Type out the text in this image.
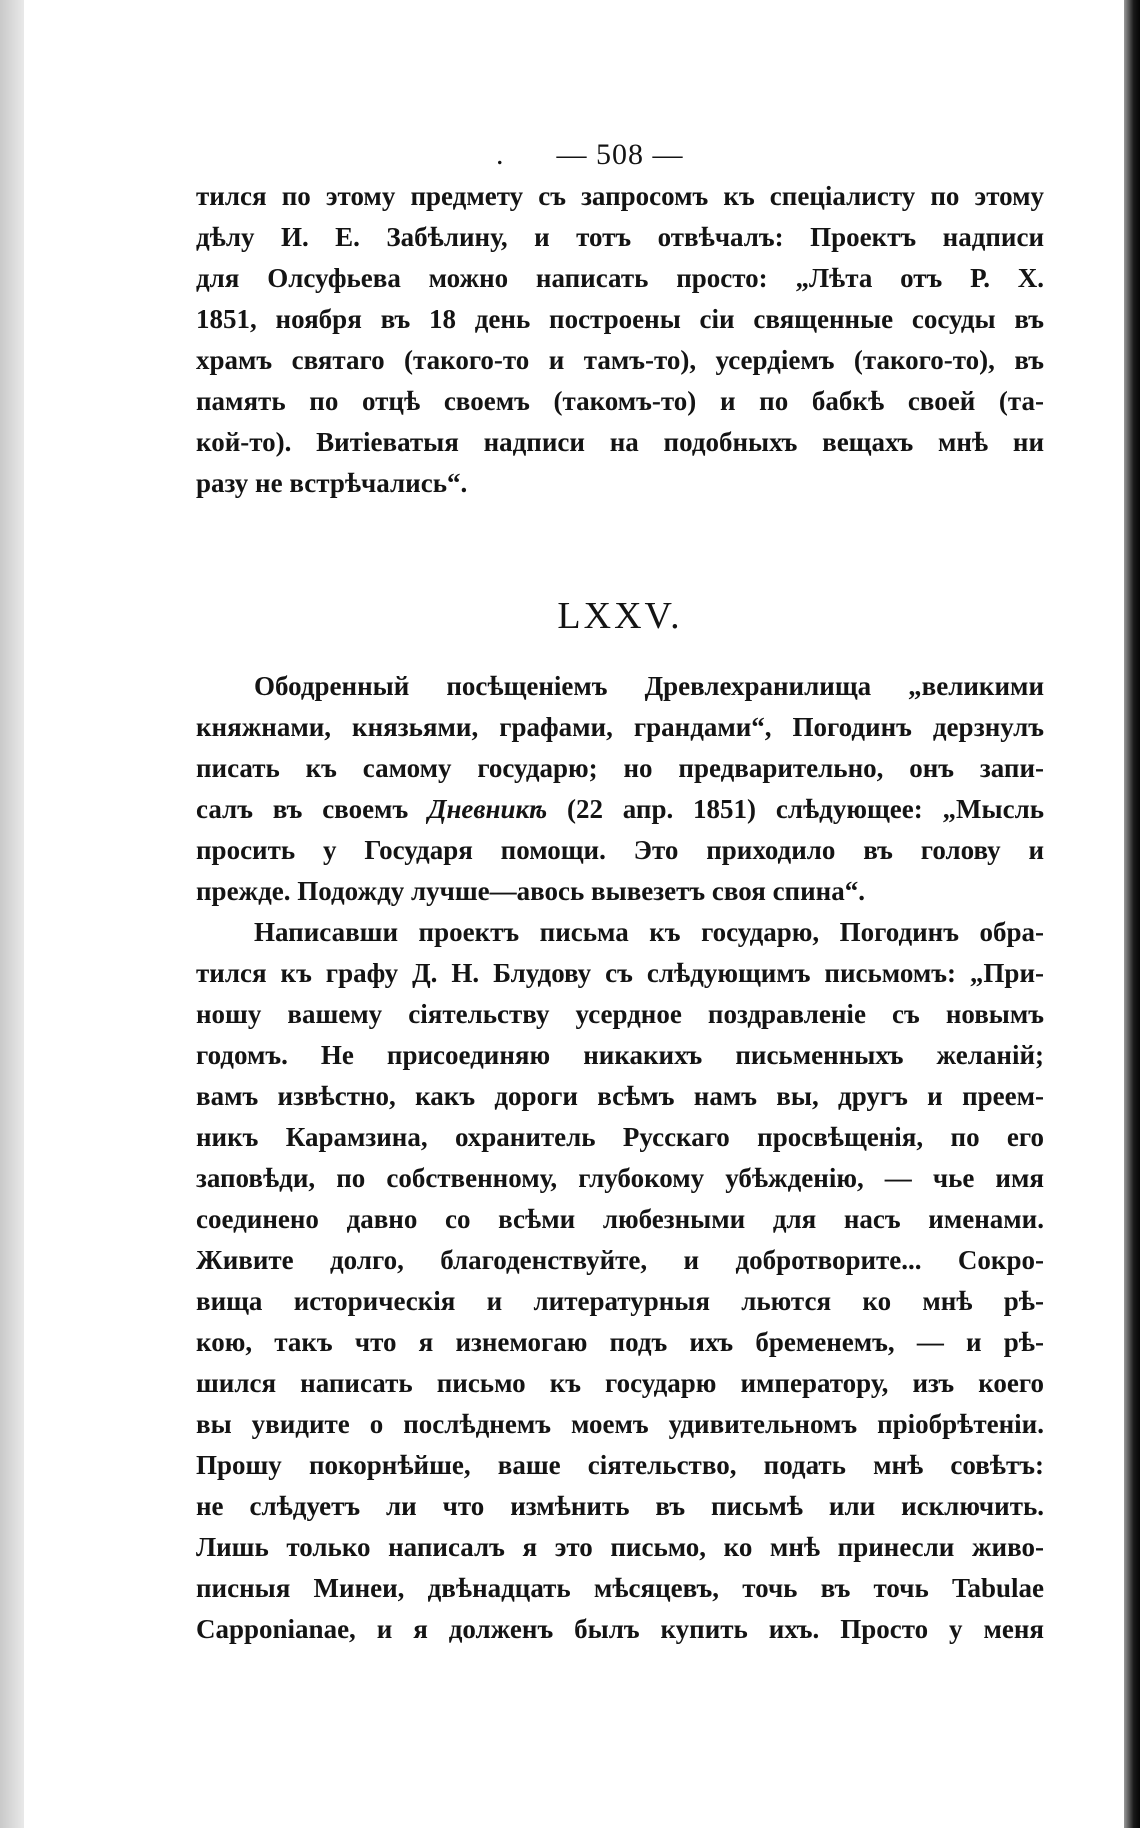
. — 508 —
тился по этому предмету съ запросомъ къ спеціалисту по этому
дѣлу И. Е. Забѣлину, и тотъ отвѣчалъ: Проектъ надписи
для Олсуфьева можно написать просто: „Лѣта отъ Р. Х.
1851, ноября въ 18 день построены сіи священные сосуды въ
храмъ святаго (такого-то и тамъ-то), усердіемъ (такого-то), въ
память по отцѣ своемъ (такомъ-то) и по бабкѣ своей (та-
кой-то). Витіеватыя надписи на подобныхъ вещахъ мнѣ ни
разу не встрѣчались“.
LXXV.
Ободренный посѣщеніемъ Древлехранилища „великими
княжнами, князьями, графами, грандами“, Погодинъ дерзнулъ
писать къ самому государю; но предварительно, онъ запи-
салъ въ своемъ Дневникѣ (22 апр. 1851) слѣдующее: „Мысль
просить у Государя помощи. Это приходило въ голову и
прежде. Подожду лучше—авось вывезетъ своя спина“.
Написавши проектъ письма къ государю, Погодинъ обра-
тился къ графу Д. Н. Блудову съ слѣдующимъ письмомъ: „При-
ношу вашему сіятельству усердное поздравленіе съ новымъ
годомъ. Не присоединяю никакихъ письменныхъ желаній;
вамъ извѣстно, какъ дороги всѣмъ намъ вы, другъ и преем-
никъ Карамзина, охранитель Русскаго просвѣщенія, по его
заповѣди, по собственному, глубокому убѣжденію, — чье имя
соединено давно со всѣми любезными для насъ именами.
Живите долго, благоденствуйте, и добротворите... Сокро-
вища историческія и литературныя льются ко мнѣ рѣ-
кою, такъ что я изнемогаю подъ ихъ бременемъ, — и рѣ-
шился написать письмо къ государю императору, изъ коего
вы увидите о послѣднемъ моемъ удивительномъ пріобрѣтеніи.
Прошу покорнѣйше, ваше сіятельство, подать мнѣ совѣтъ:
не слѣдуетъ ли что измѣнить въ письмѣ или исключить.
Лишь только написалъ я это письмо, ко мнѣ принесли живо-
писныя Минеи, двѣнадцать мѣсяцевъ, точь въ точь Tabulae
Capponianae, и я долженъ былъ купить ихъ. Просто у меня
